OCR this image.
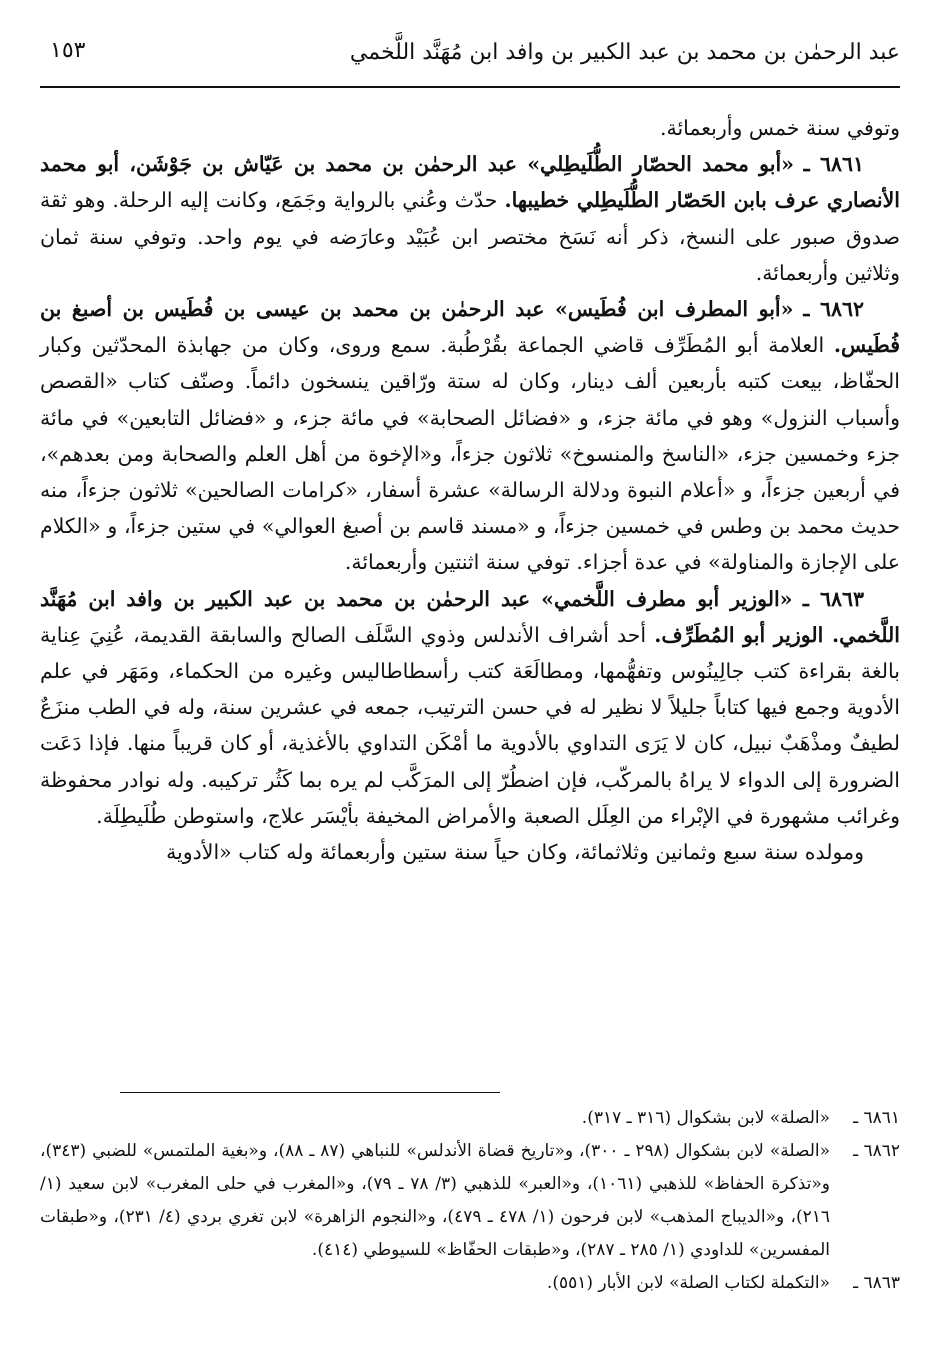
عبد الرحمٰن بن محمد بن عبد الكبير بن وافد ابن مُهَنَّد اللَّخمي
١٥٣

وتوفي سنة خمس وأربعمائة.

٦٨٦١ ـ «أبو محمد الحصّار الطُّلَيطِلي» عبد الرحمٰن بن محمد بن عَيّاش بن جَوْشَن، أبو محمد الأنصاري عرف بابن الحَصّار الطُّلَيطِلي خطيبها. حدّث وعُني بالرواية وجَمَع، وكانت إليه الرحلة. وهو ثقة صدوق صبور على النسخ، ذكر أنه نَسَخ مختصر ابن عُبَيْد وعارَضه في يوم واحد. وتوفي سنة ثمان وثلاثين وأربعمائة.

٦٨٦٢ ـ «أبو المطرف ابن فُطَيس» عبد الرحمٰن بن محمد بن عيسى بن فُطَيس بن أصبغ بن فُطَيس. العلامة أبو المُطَرِّف قاضي الجماعة بقُرْطُبة. سمع وروى، وكان من جهابذة المحدّثين وكبار الحفّاظ، بيعت كتبه بأربعين ألف دينار، وكان له ستة ورّاقين ينسخون دائماً. وصنّف كتاب «القصص وأسباب النزول» وهو في مائة جزء، و «فضائل الصحابة» في مائة جزء، و «فضائل التابعين» في مائة جزء وخمسين جزء، «الناسخ والمنسوخ» ثلاثون جزءاً، و«الإخوة من أهل العلم والصحابة ومن بعدهم»، في أربعين جزءاً، و «أعلام النبوة ودلالة الرسالة» عشرة أسفار، «كرامات الصالحين» ثلاثون جزءاً، منه حديث محمد بن وطس في خمسين جزءاً، و «مسند قاسم بن أصبغ العوالي» في ستين جزءاً، و «الكلام على الإجازة والمناولة» في عدة أجزاء. توفي سنة اثنتين وأربعمائة.

٦٨٦٣ ـ «الوزير أبو مطرف اللَّخمي» عبد الرحمٰن بن محمد بن عبد الكبير بن وافد ابن مُهَنَّد اللَّخمي. الوزير أبو المُطَرِّف. أحد أشراف الأندلس وذوي السَّلَف الصالح والسابقة القديمة، عُنِيَ عِناية بالغة بقراءة كتب جالِينُوس وتفهُّمها، ومطالَعَة كتب رأسطاطاليس وغيره من الحكماء، ومَهَر في علم الأدوية وجمع فيها كتاباً جليلاً لا نظير له في حسن الترتيب، جمعه في عشرين سنة، وله في الطب منزَعٌ لطيفٌ ومذْهَبٌ نبيل، كان لا يَرَى التداوي بالأدوية ما أمْكَن التداوي بالأغذية، أو كان قريباً منها. فإذا دَعَت الضرورة إلى الدواء لا يراهُ بالمركّب، فإن اضطُرّ إلى المرَكَّب لم يره بما كَثُر تركيبه. وله نوادر محفوظة وغرائب مشهورة في الإبْراء من العِلَل الصعبة والأمراض المخيفة بأيْسَر علاج، واستوطن طُلَيطِلَة.

ومولده سنة سبع وثمانين وثلاثمائة، وكان حياً سنة ستين وأربعمائة وله كتاب «الأدوية

٦٨٦١ ـ
«الصلة» لابن بشكوال (٣١٦ ـ ٣١٧).

٦٨٦٢ ـ
«الصلة» لابن بشكوال (٢٩٨ ـ ٣٠٠)، و«تاريخ قضاة الأندلس» للنباهي (٨٧ ـ ٨٨)، و«بغية الملتمس» للضبي (٣٤٣)، و«تذكرة الحفاظ» للذهبي (١٠٦١)، و«العبر» للذهبي (٣/ ٧٨ ـ ٧٩)، و«المغرب في حلى المغرب» لابن سعيد (١/ ٢١٦)، و«الديباج المذهب» لابن فرحون (١/ ٤٧٨ ـ ٤٧٩)، و«النجوم الزاهرة» لابن تغري بردي (٤/ ٢٣١)، و«طبقات المفسرين» للداودي (١/ ٢٨٥ ـ ٢٨٧)، و«طبقات الحفّاظ» للسيوطي (٤١٤).

٦٨٦٣ ـ
«التكملة لكتاب الصلة» لابن الأبار (٥٥١).
